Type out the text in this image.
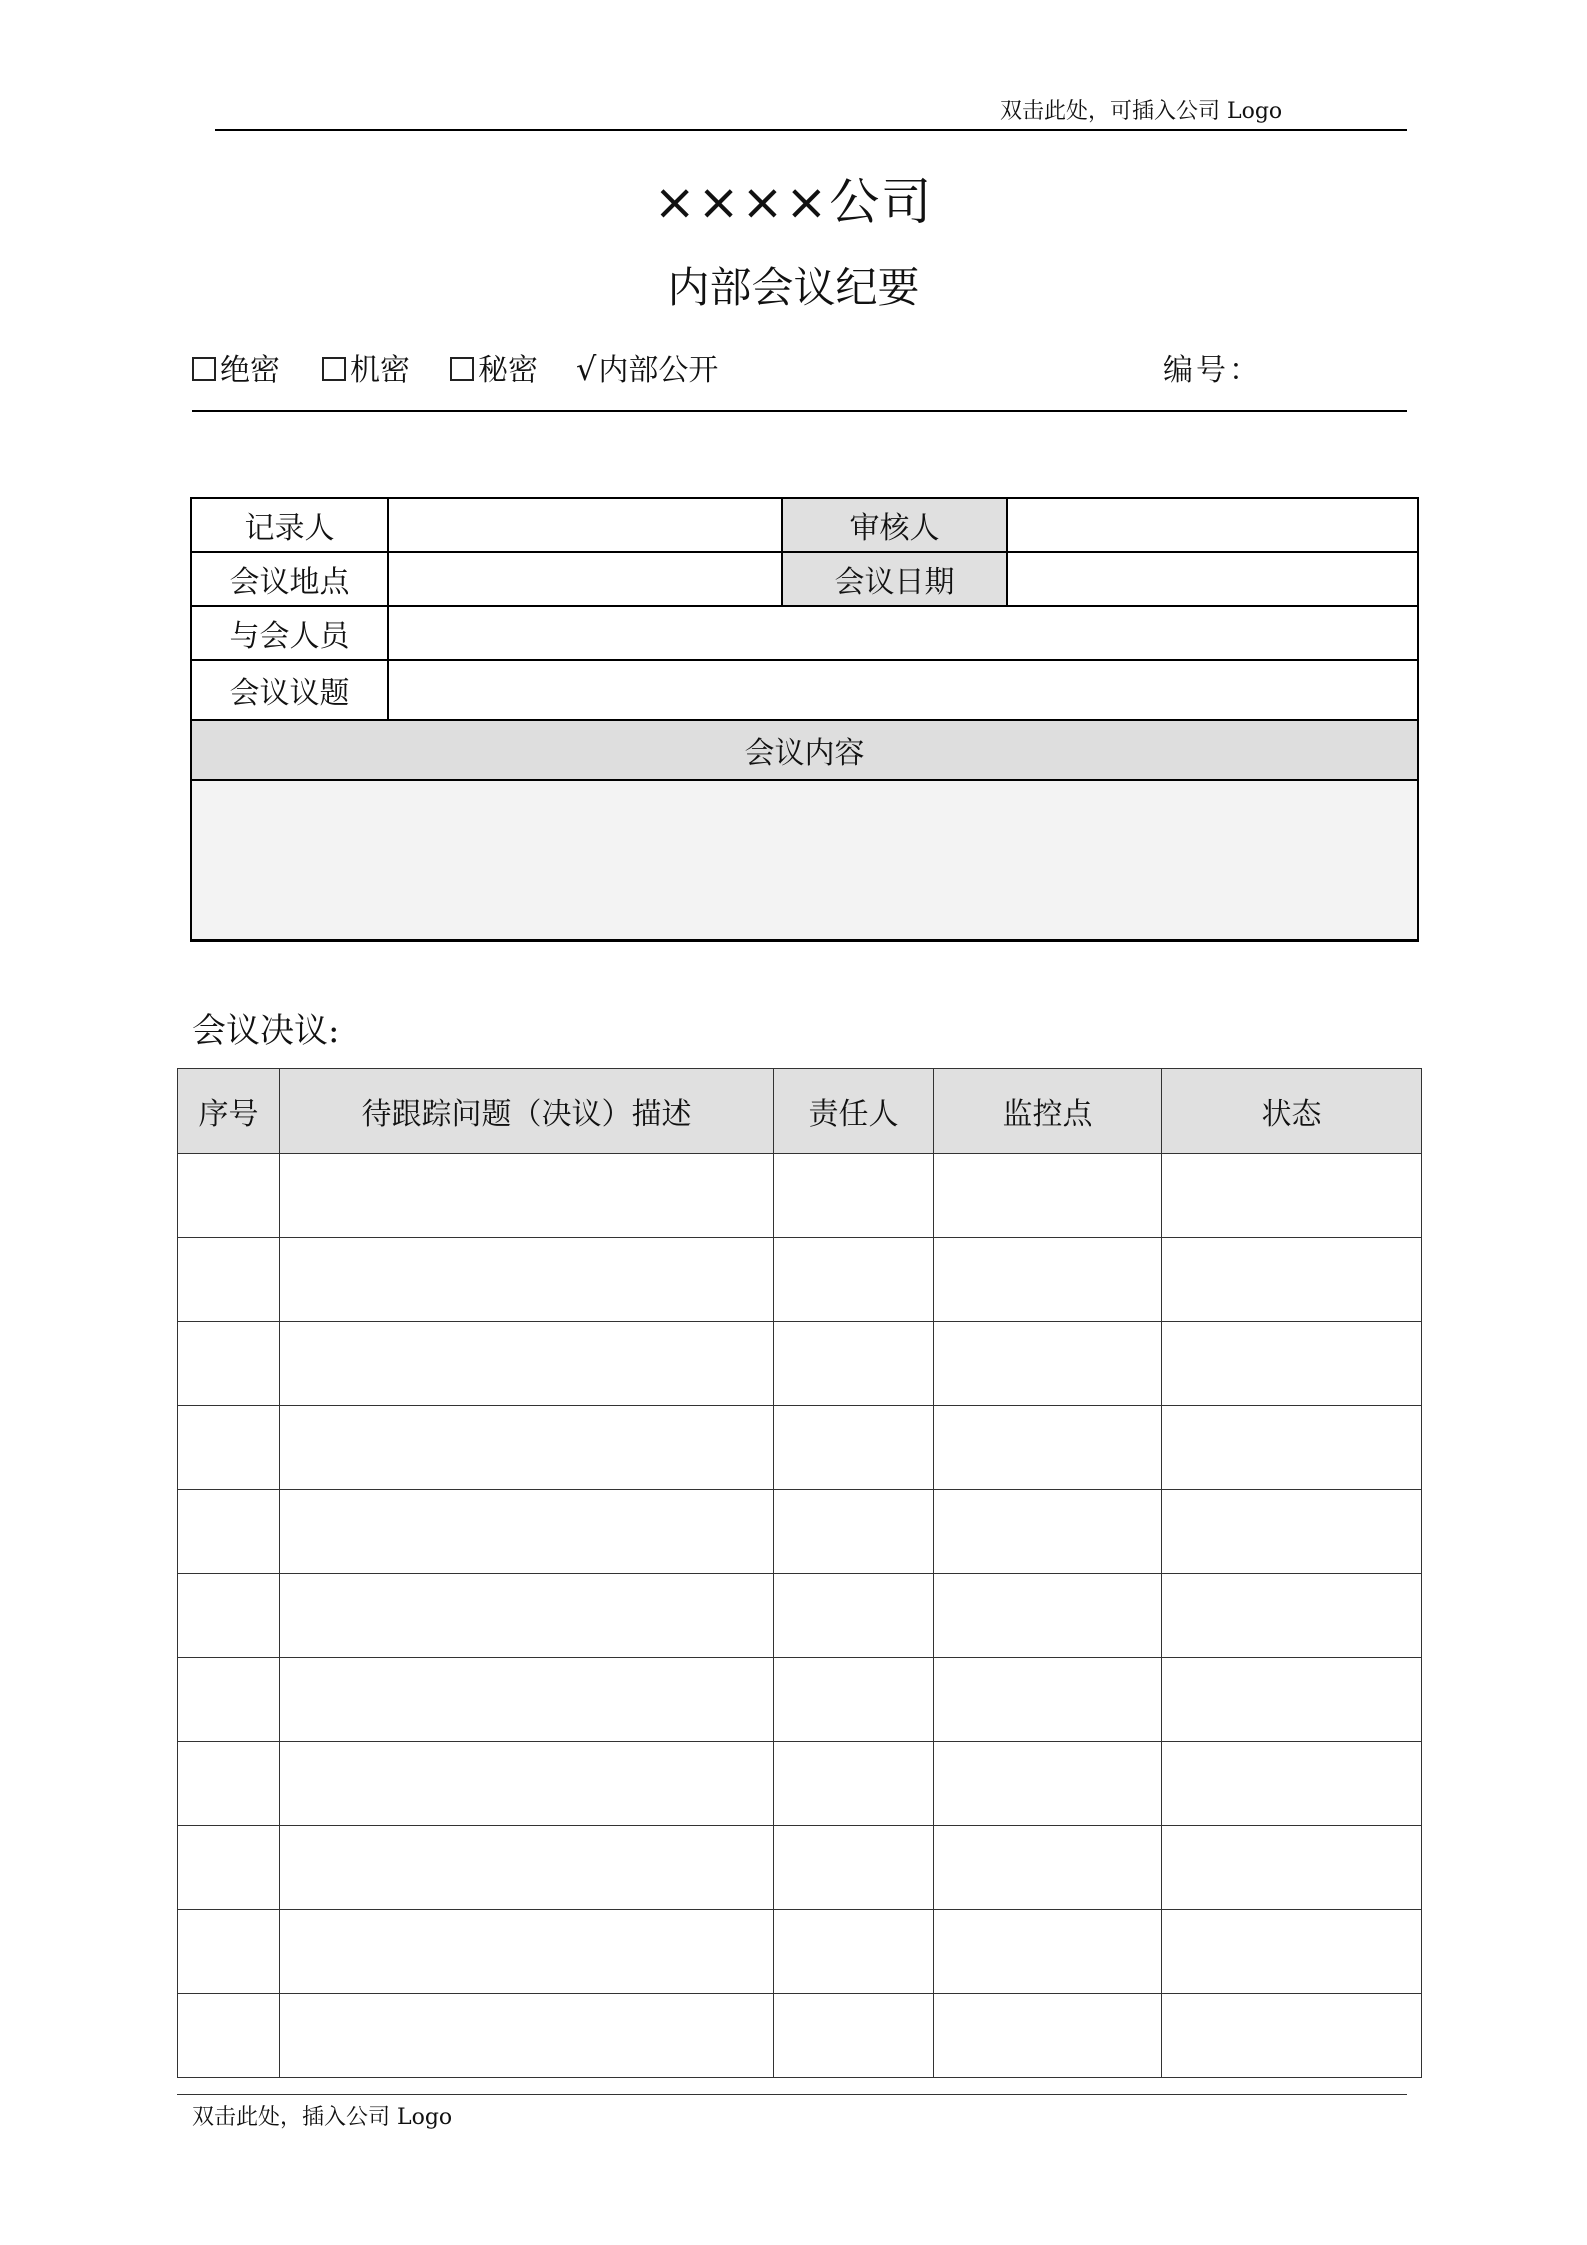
双击此处，可插入公司 Logo
××××公司
内部会议纪要
绝密	机密	秘密 √内部公开	编号：
记录人		审核人	
会议地点		会议日期	
与会人员			
会议议题			
会议内容			

会议决议:
序号	待跟踪问题（决议）描述	责任人	监控点	状态

双击此处，插入公司 Logo
